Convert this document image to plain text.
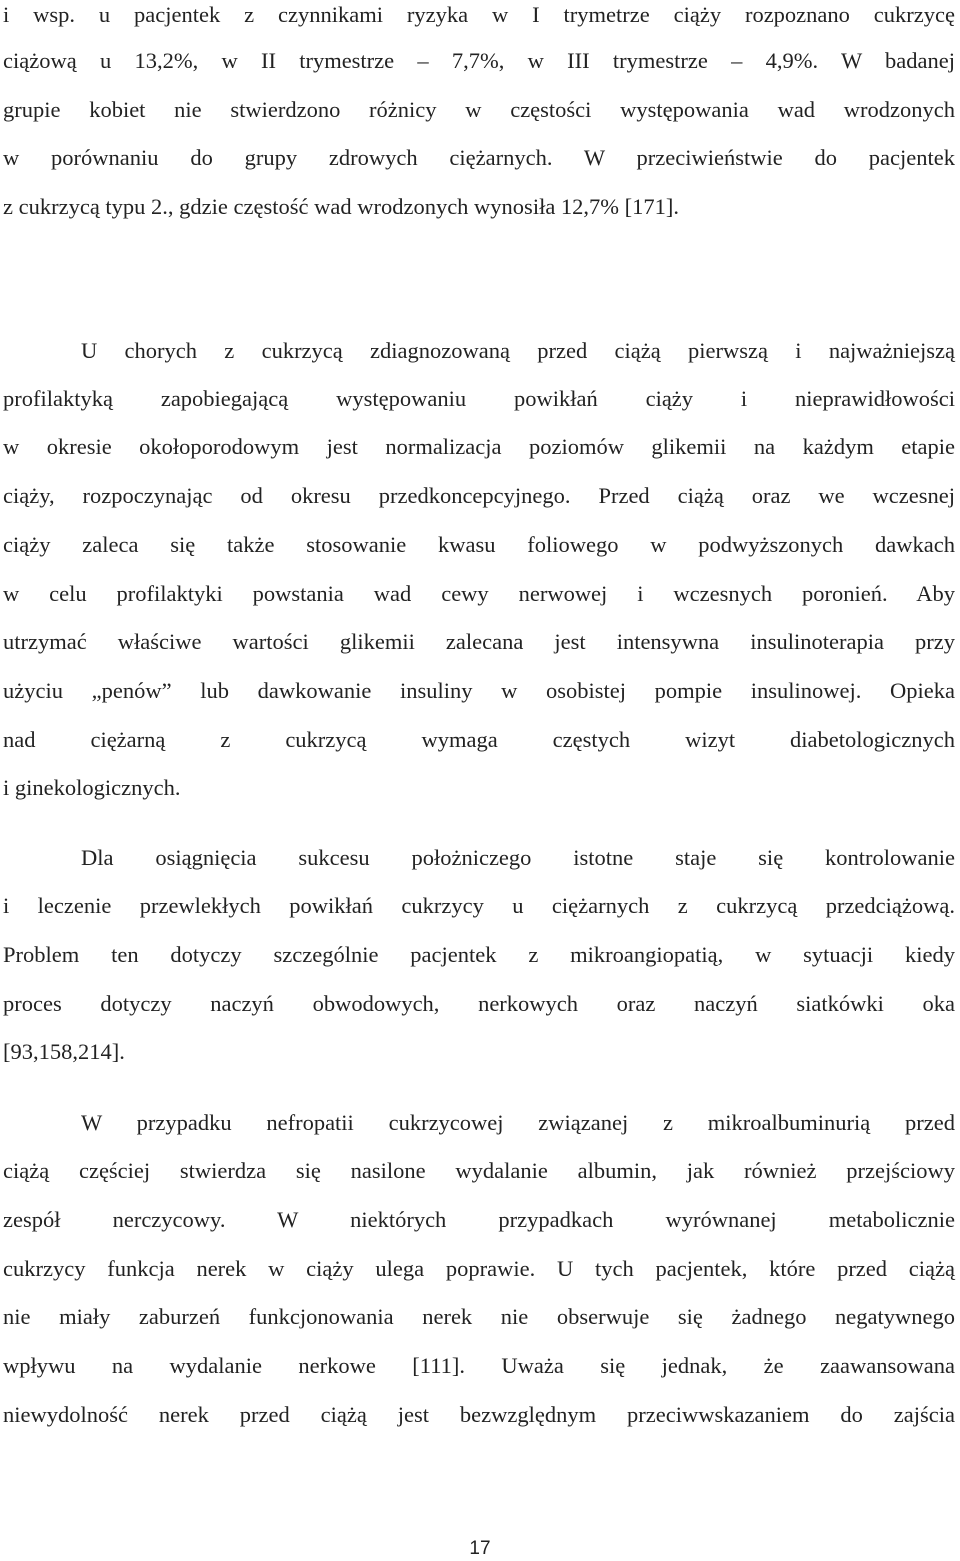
i wsp. u pacjentek z czynnikami ryzyka w I trymetrze ciąży rozpoznano cukrzycę
ciążową u 13,2%, w II trymestrze – 7,7%, w III trymestrze – 4,9%. W badanej
grupie kobiet nie stwierdzono różnicy w częstości występowania wad wrodzonych
w porównaniu do grupy zdrowych ciężarnych. W przeciwieństwie do pacjentek
z cukrzycą typu 2., gdzie częstość wad wrodzonych wynosiła 12,7% [171].
U chorych z cukrzycą zdiagnozowaną przed ciążą pierwszą i najważniejszą
profilaktyką zapobiegającą występowaniu powikłań ciąży i nieprawidłowości
w okresie okołoporodowym jest normalizacja poziomów glikemii na każdym etapie
ciąży, rozpoczynając od okresu przedkoncepcyjnego. Przed ciążą oraz we wczesnej
ciąży zaleca się także stosowanie kwasu foliowego w podwyższonych dawkach
w celu profilaktyki powstania wad cewy nerwowej i wczesnych poronień. Aby
utrzymać właściwe wartości glikemii zalecana jest intensywna insulinoterapia przy
użyciu „penów” lub dawkowanie insuliny w osobistej pompie insulinowej. Opieka
nad ciężarną z cukrzycą wymaga częstych wizyt diabetologicznych
i ginekologicznych.
Dla osiągnięcia sukcesu położniczego istotne staje się kontrolowanie
i leczenie przewlekłych powikłań cukrzycy u ciężarnych z cukrzycą przedciążową.
Problem ten dotyczy szczególnie pacjentek z mikroangiopatią, w sytuacji kiedy
proces dotyczy naczyń obwodowych, nerkowych oraz naczyń siatkówki oka
[93,158,214].
W przypadku nefropatii cukrzycowej związanej z mikroalbuminurią przed
ciążą częściej stwierdza się nasilone wydalanie albumin, jak również przejściowy
zespół nerczycowy. W niektórych przypadkach wyrównanej metabolicznie
cukrzycy funkcja nerek w ciąży ulega poprawie. U tych pacjentek, które przed ciążą
nie miały zaburzeń funkcjonowania nerek nie obserwuje się żadnego negatywnego
wpływu na wydalanie nerkowe [111]. Uważa się jednak, że zaawansowana
niewydolność nerek przed ciążą jest bezwzględnym przeciwwskazaniem do zajścia
17
